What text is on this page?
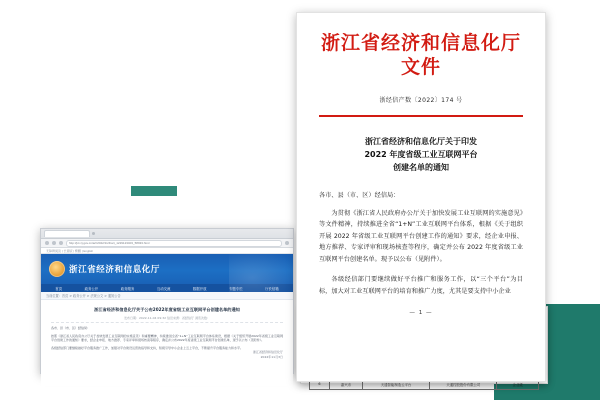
6	嘉兴市	天通智能制造云平台	天通控股股份有限公司	企业级
浙江省经济和信息化厅文件
浙经信产数〔2022〕174 号
浙江省经济和信息化厅关于印发
2022 年度省级工业互联网平台
创建名单的通知
各市、县（市、区）经信局：
为贯彻《浙江省人民政府办公厅关于加快发展工业互联网的实施意见》等文件精神，持续推进全省“1+N”工业互联网平台体系，根据《关于组织开展 2022 年省级工业互联网平台创建工作的通知》要求，经企业申报、地方推荐、专家评审和现场核查等程序，确定并公布 2022 年度省级工业互联网平台创建名单。现予以公布（见附件）。
各级经信部门要继续做好平台推广和服务工作，以“三个平台”为目标，加大对工业互联网平台的培育和推广力度，尤其是要支持中小企业
— 1 —
http://jxt.zj.gov.cn/art/2022/11/4/art_1229123403_58933.html
无障碍阅读 | 长辈版 | 繁體 | English
浙江省经济和信息化厅
首页	政务公开	政务服务	互动交流	数据开放
当前位置：首页 > 政务公开 > 法规公文 > 通知公告
浙江省经济和信息化厅关于公布2022年度省级工业互联网平台创建名单的通知
发布日期：2022-11-04 09:32 信息来源：省经信厅 浏览次数：
各市、县（市、区）经信局：
按照《浙江省人民政府办公厅关于加快发展工业互联网的实施意见》和重要精神，持续推进全省“1+N”工业互联网平台体系建设，根据《关于组织开展2022年省级工业互联网平台创建工作的通知》要求，经企业申报、地方推荐、专家评审和现场核查等程序，确定并公布2022年度省级工业互联网平台创建名单，现予以公布（见附件）。
各级经信部门要继续做好平台服务推广工作，加强对平台建设运营的指导和支持，积极引导中小企业上云上平台，不断提升平台服务能力和水平。
浙江省经济和信息化厅
2022年11月3日
